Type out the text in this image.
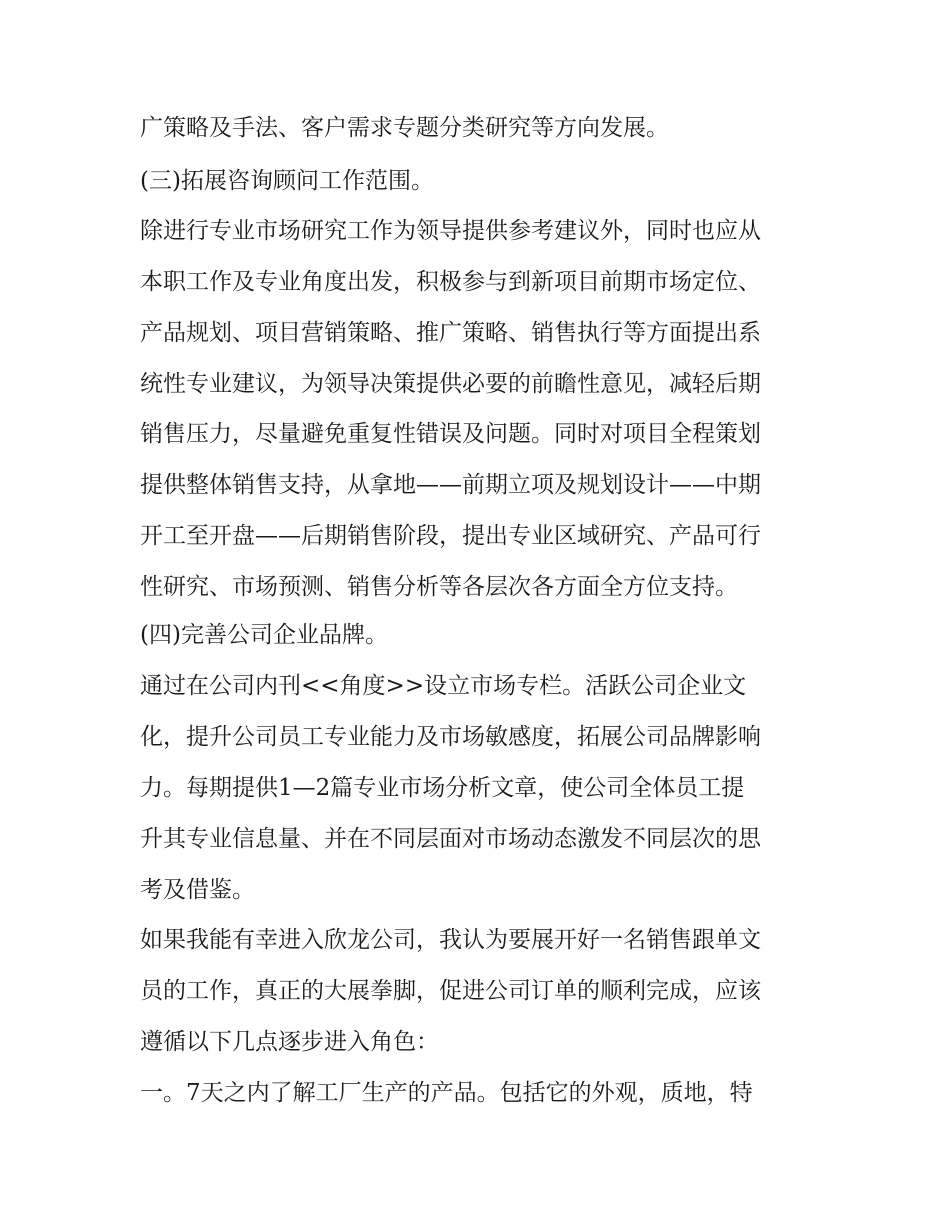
广策略及手法、客户需求专题分类研究等方向发展。
(三)拓展咨询顾问工作范围。
除进行专业市场研究工作为领导提供参考建议外，同时也应从
本职工作及专业角度出发，积极参与到新项目前期市场定位、
产品规划、项目营销策略、推广策略、销售执行等方面提出系
统性专业建议，为领导决策提供必要的前瞻性意见，减轻后期
销售压力，尽量避免重复性错误及问题。同时对项目全程策划
提供整体销售支持，从拿地——前期立项及规划设计——中期
开工至开盘——后期销售阶段，提出专业区域研究、产品可行
性研究、市场预测、销售分析等各层次各方面全方位支持。
(四)完善公司企业品牌。
通过在公司内刊<<角度>>设立市场专栏。活跃公司企业文
化，提升公司员工专业能力及市场敏感度，拓展公司品牌影响
力。每期提供1—2篇专业市场分析文章，使公司全体员工提
升其专业信息量、并在不同层面对市场动态激发不同层次的思
考及借鉴。
如果我能有幸进入欣龙公司，我认为要展开好一名销售跟单文
员的工作，真正的大展拳脚，促进公司订单的顺利完成，应该
遵循以下几点逐步进入角色：
一。7天之内了解工厂生产的产品。包括它的外观，质地，特
